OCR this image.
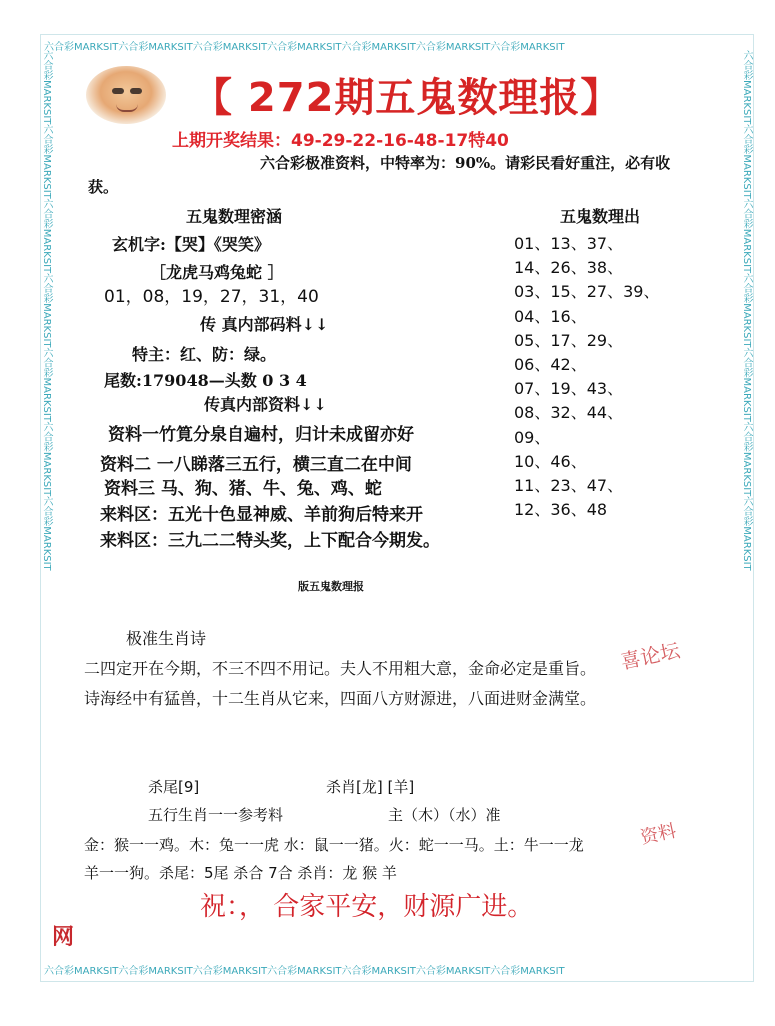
六合彩MARKSIT六合彩MARKSIT六合彩MARKSIT六合彩MARKSIT六合彩MARKSIT六合彩MARKSIT六合彩MARKSIT
六合彩MARKSIT六合彩MARKSIT六合彩MARKSIT六合彩MARKSIT六合彩MARKSIT六合彩MARKSIT六合彩MARKSIT
六合彩MARKSIT六合彩MARKSIT六合彩MARKSIT六合彩MARKSIT六合彩MARKSIT六合彩MARKSIT六合彩MARKSIT	六合彩MARKSIT六合彩MARKSIT六合彩MARKSIT六合彩MARKSIT六合彩MARKSIT六合彩MARKSIT六合彩MARKSIT
【 272期五鬼数理报】
上期开奖结果：49-29-22-16-48-17特40
六合彩极准资料，中特率为：90%。请彩民看好重注，必有收
获。
五鬼数理密涵
玄机字:【哭】《哭笑》
［龙虎马鸡兔蛇 ］
01，08，19，27，31，40
传 真内部码料↓↓
特主：红、防：绿。
尾数:179048—头数 0 3 4
传真内部资料↓↓
资料一竹筧分泉自遍村，归计未成留亦好
资料二 一八睇落三五行，横三直二在中间
资料三 马、狗、猪、牛、兔、鸡、蛇
来料区：五光十色显神威、羊前狗后特来开
来料区：三九二二特头奖，上下配合今期发。
五鬼数理出
01、13、37、
14、26、38、
03、15、27、39、
04、16、
05、17、29、
06、42、
07、19、43、
08、32、44、
09、
10、46、
11、23、47、
12、36、48
版五鬼数理报
极准生肖诗
二四定开在今期，不三不四不用记。夫人不用粗大意，金命必定是重旨。
诗海经中有猛兽，十二生肖从它来，四面八方财源进，八面进财金满堂。
喜论坛
资料
杀尾[9]	杀肖[龙] [羊]
五行生肖一一参考料	主（木）（水）准
金：猴一一鸡。木：兔一一虎 水：鼠一一猪。火：蛇一一马。土：牛一一龙
羊一一狗。杀尾：5尾 杀合 7合 杀肖：龙 猴 羊
祝：， 合家平安，财源广进。
网
